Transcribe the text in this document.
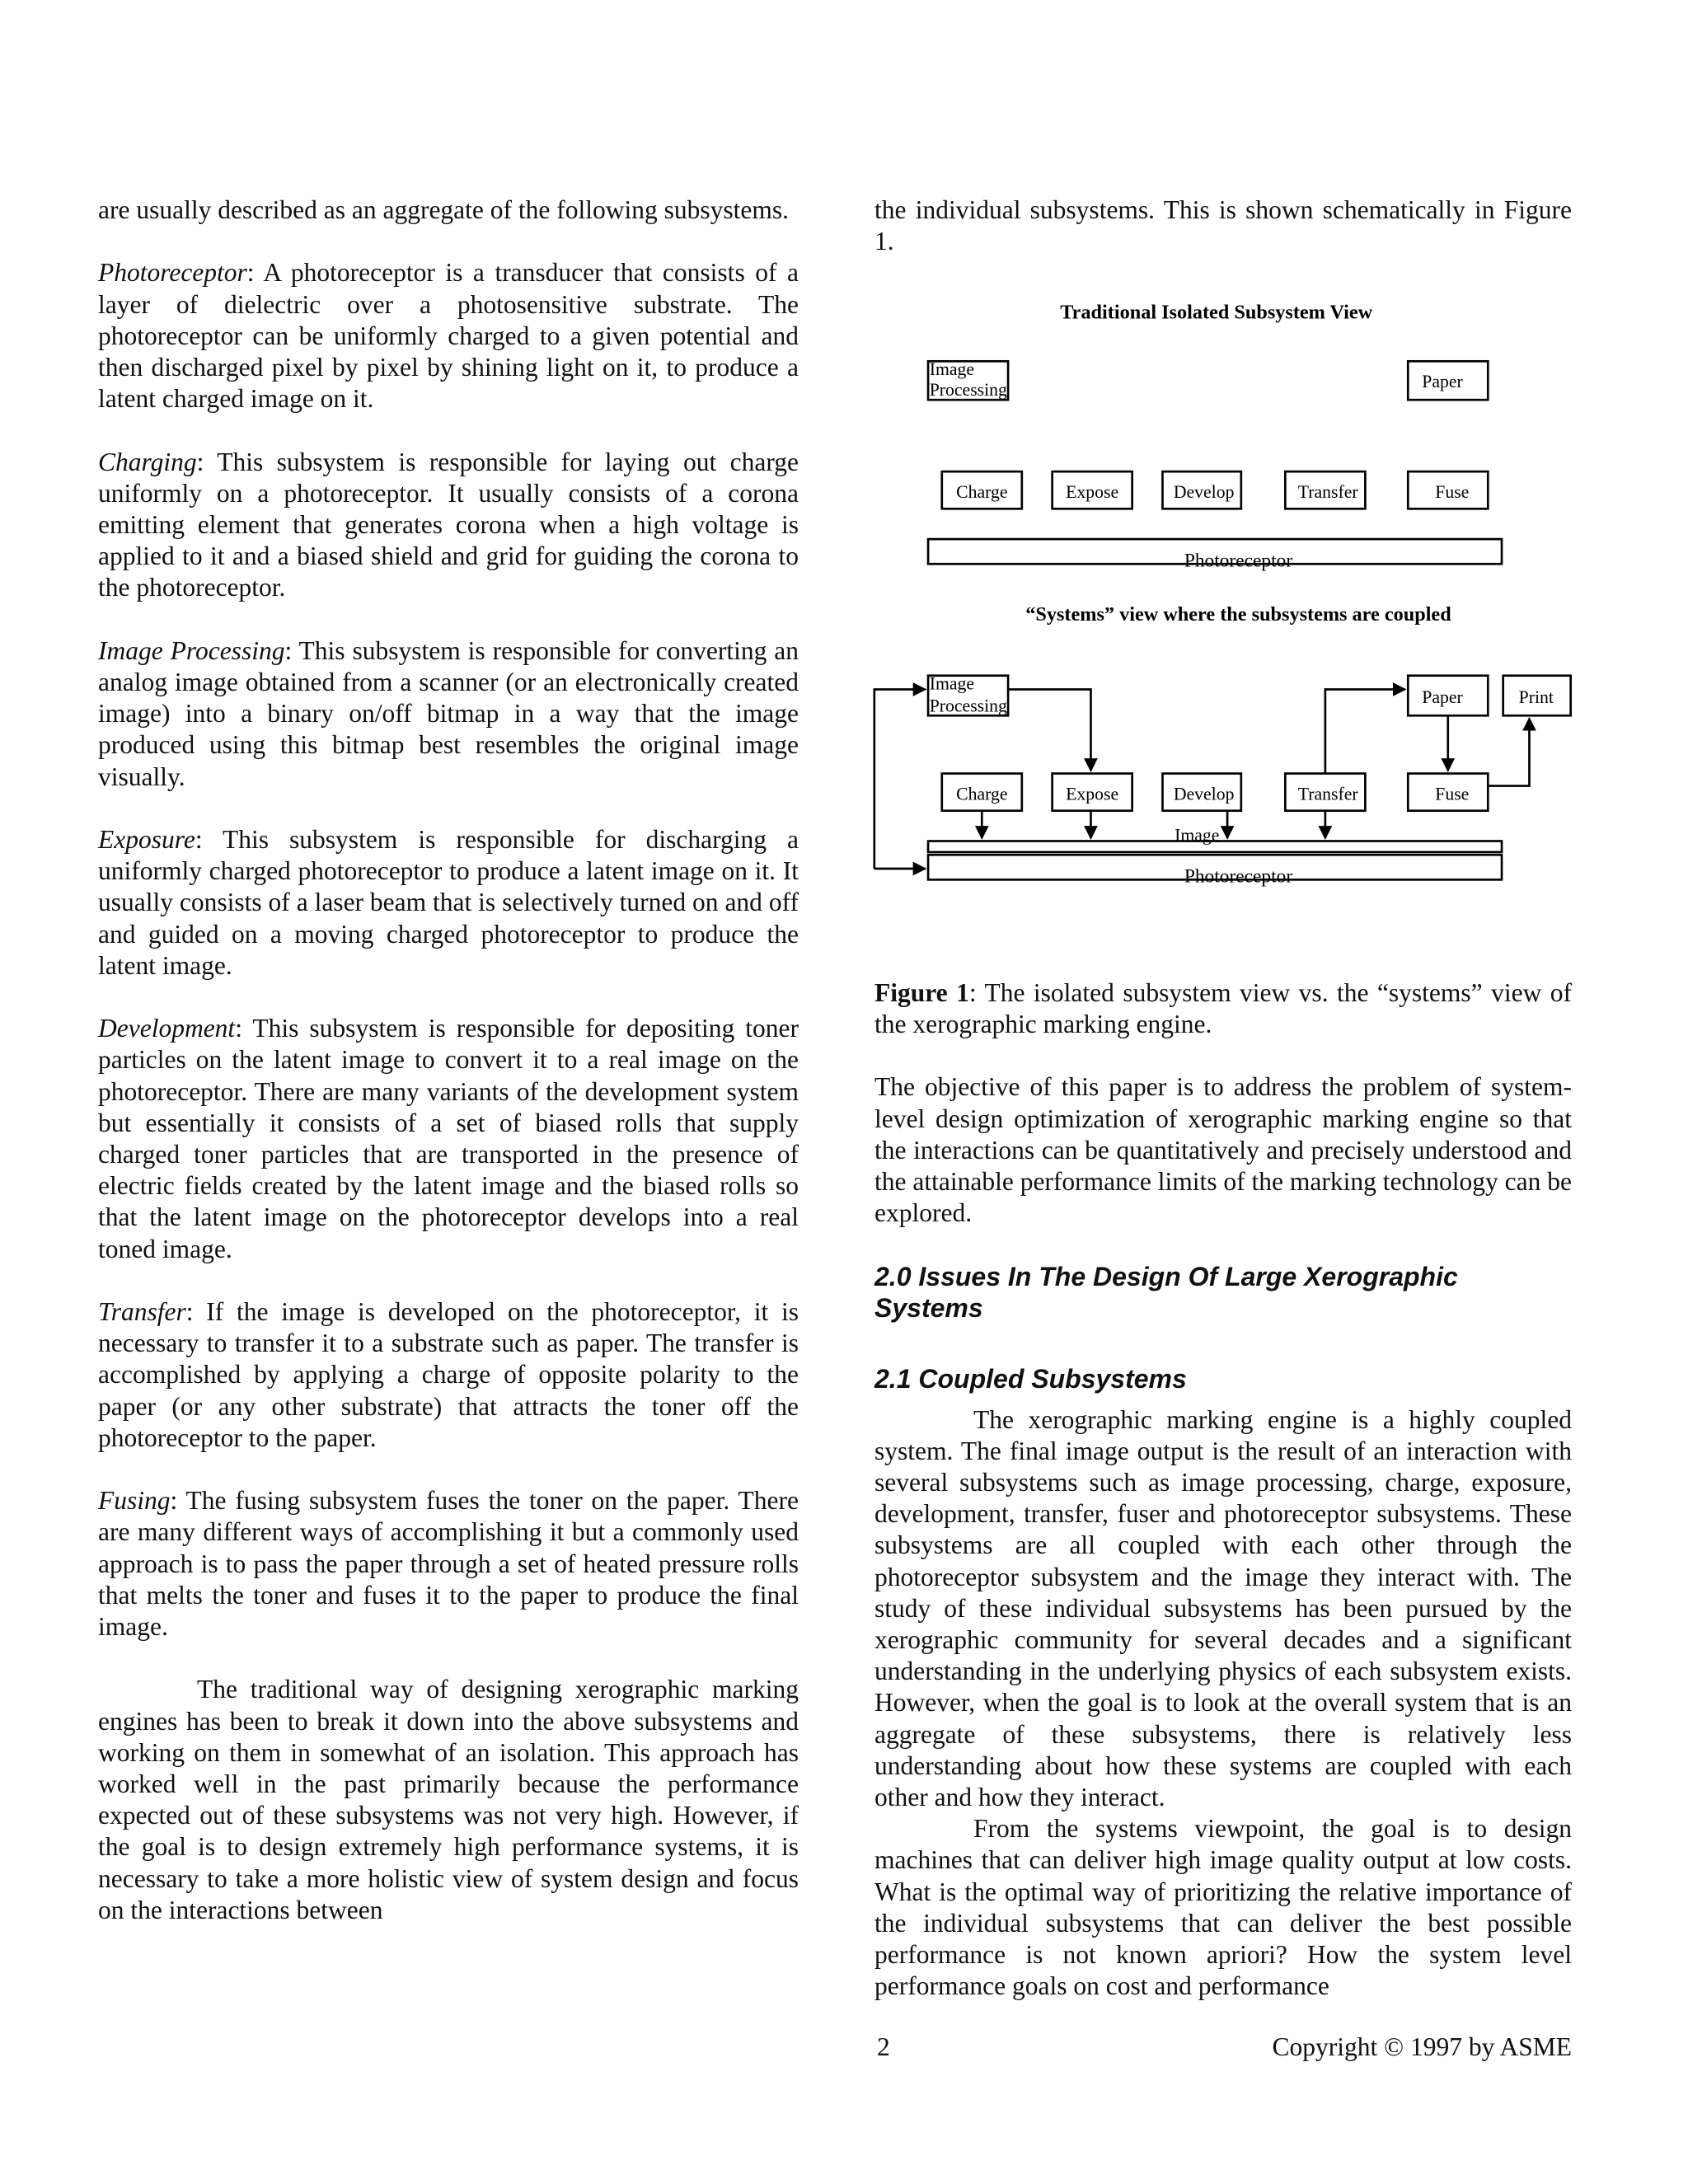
are usually described as an aggregate of the following subsystems.

Photoreceptor: A photoreceptor is a transducer that consists of a layer of dielectric over a photosensitive substrate. The photoreceptor can be uniformly charged to a given potential and then discharged pixel by pixel by shining light on it, to produce a latent charged image on it.

Charging: This subsystem is responsible for laying out charge uniformly on a photoreceptor. It usually consists of a corona emitting element that generates corona when a high voltage is applied to it and a biased shield and grid for guiding the corona to the photoreceptor.

Image Processing: This subsystem is responsible for converting an analog image obtained from a scanner (or an electronically created image) into a binary on/off bitmap in a way that the image produced using this bitmap best resembles the original image visually.

Exposure: This subsystem is responsible for discharging a uniformly charged photoreceptor to produce a latent image on it. It usually consists of a laser beam that is selectively turned on and off and guided on a moving charged photoreceptor to produce the latent image.

Development: This subsystem is responsible for depositing toner particles on the latent image to convert it to a real image on the photoreceptor. There are many variants of the development system but essentially it consists of a set of biased rolls that supply charged toner particles that are transported in the presence of electric fields created by the latent image and the biased rolls so that the latent image on the photoreceptor develops into a real toned image.

Transfer: If the image is developed on the photoreceptor, it is necessary to transfer it to a substrate such as paper. The transfer is accomplished by applying a charge of opposite polarity to the paper (or any other substrate) that attracts the toner off the photoreceptor to the paper.

Fusing: The fusing subsystem fuses the toner on the paper. There are many different ways of accomplishing it but a commonly used approach is to pass the paper through a set of heated pressure rolls that melts the toner and fuses it to the paper to produce the final image.

The traditional way of designing xerographic marking engines has been to break it down into the above subsystems and working on them in somewhat of an isolation. This approach has worked well in the past primarily because the performance expected out of these subsystems was not very high. However, if the goal is to design extremely high performance systems, it is necessary to take a more holistic view of system design and focus on the interactions between

the individual subsystems. This is shown schematically in Figure 1.

Traditional Isolated Subsystem View
Image
Processing	Paper
Charge	Expose	Develop	Transfer	Fuse
Photoreceptor
“Systems” view where the subsystems are coupled
Image
Processing	Paper	Print
Charge	Expose	Develop	Transfer	Fuse
Image
Photoreceptor

Figure 1: The isolated subsystem view vs. the “systems” view of the xerographic marking engine.

The objective of this paper is to address the problem of system-level design optimization of xerographic marking engine so that the interactions can be quantitatively and precisely understood and the attainable performance limits of the marking technology can be explored.

2.0 Issues In The Design Of Large Xerographic Systems
2.1 Coupled Subsystems

The xerographic marking engine is a highly coupled system. The final image output is the result of an interaction with several subsystems such as image processing, charge, exposure, development, transfer, fuser and photoreceptor subsystems. These subsystems are all coupled with each other through the photoreceptor subsystem and the image they interact with. The study of these individual subsystems has been pursued by the xerographic community for several decades and a significant understanding in the underlying physics of each subsystem exists. However, when the goal is to look at the overall system that is an aggregate of these subsystems, there is relatively less understanding about how these systems are coupled with each other and how they interact.

From the systems viewpoint, the goal is to design machines that can deliver high image quality output at low costs. What is the optimal way of prioritizing the relative importance of the individual subsystems that can deliver the best possible performance is not known apriori? How the system level performance goals on cost and performance

2	Copyright © 1997 by ASME
